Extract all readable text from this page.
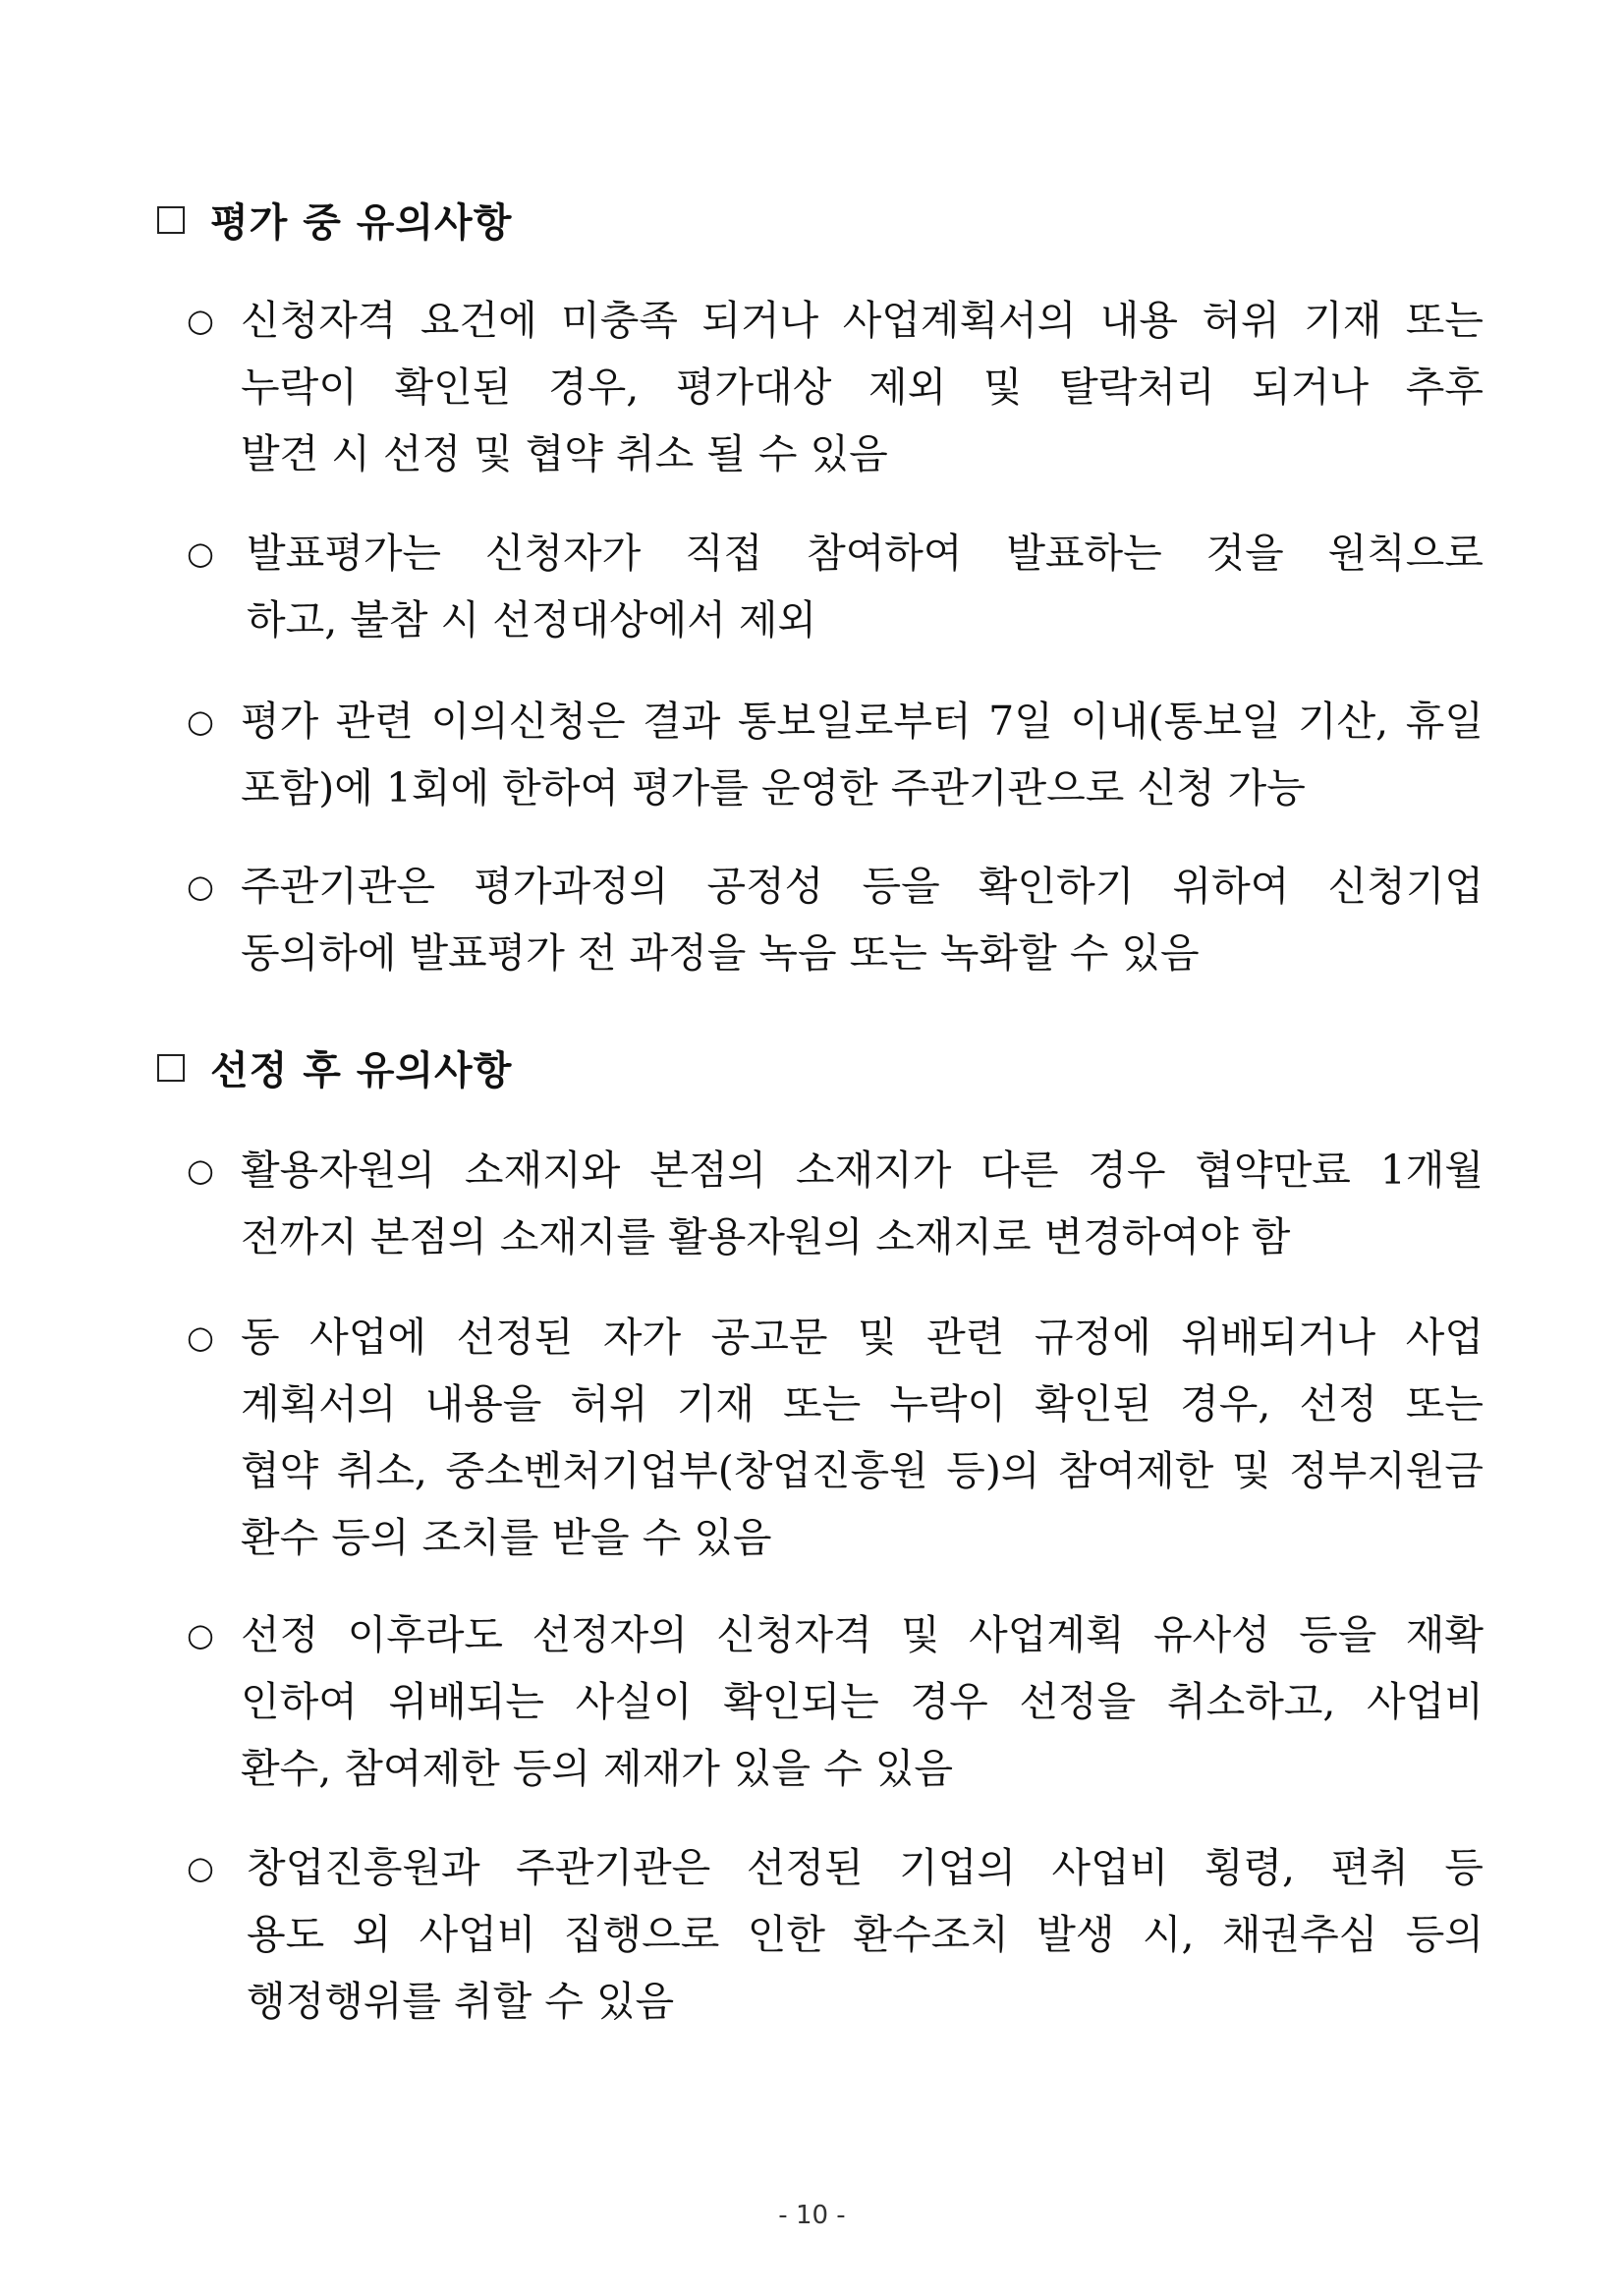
평가 중 유의사항
○ 신청자격 요건에 미충족 되거나 사업계획서의 내용 허위 기재 또는
누락이 확인된 경우, 평가대상 제외 및 탈락처리 되거나 추후
발견 시 선정 및 협약 취소 될 수 있음
○ 발표평가는 신청자가 직접 참여하여 발표하는 것을 원칙으로
하고, 불참 시 선정대상에서 제외
○ 평가 관련 이의신청은 결과 통보일로부터 7일 이내(통보일 기산, 휴일
포함)에 1회에 한하여 평가를 운영한 주관기관으로 신청 가능
○ 주관기관은 평가과정의 공정성 등을 확인하기 위하여 신청기업
동의하에 발표평가 전 과정을 녹음 또는 녹화할 수 있음
선정 후 유의사항
○ 활용자원의 소재지와 본점의 소재지가 다른 경우 협약만료 1개월
전까지 본점의 소재지를 활용자원의 소재지로 변경하여야 함
○ 동 사업에 선정된 자가 공고문 및 관련 규정에 위배되거나 사업
계획서의 내용을 허위 기재 또는 누락이 확인된 경우, 선정 또는
협약 취소, 중소벤처기업부(창업진흥원 등)의 참여제한 및 정부지원금
환수 등의 조치를 받을 수 있음
○ 선정 이후라도 선정자의 신청자격 및 사업계획 유사성 등을 재확
인하여 위배되는 사실이 확인되는 경우 선정을 취소하고, 사업비
환수, 참여제한 등의 제재가 있을 수 있음
○ 창업진흥원과 주관기관은 선정된 기업의 사업비 횡령, 편취 등
용도 외 사업비 집행으로 인한 환수조치 발생 시, 채권추심 등의
행정행위를 취할 수 있음
- 10 -
